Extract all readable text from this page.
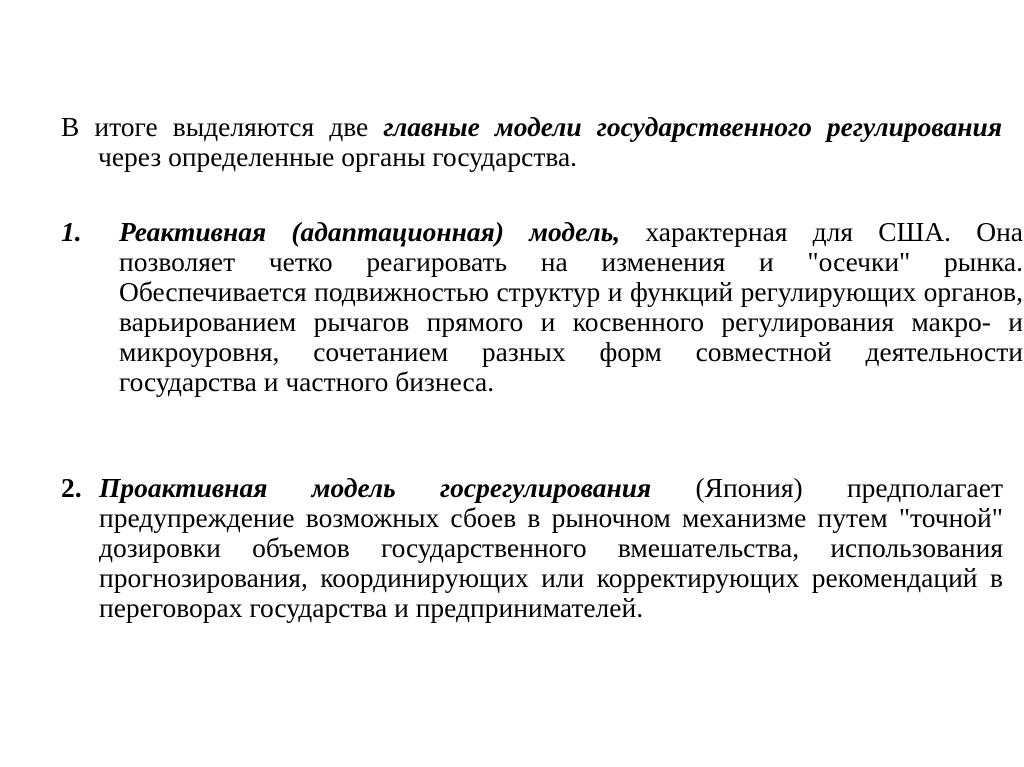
В итоге выделяются две главные модели государственного регулирования через определенные органы государства.

1. Реактивная (адаптационная) модель, характерная для США. Она позволяет четко реагировать на изменения и "осечки" рынка. Обеспечивается подвижностью структур и функций регулирующих органов, варьированием рычагов прямого и косвенного регулирования макро- и микроуровня, сочетанием разных форм совместной деятельности государства и частного бизнеса.

2. Проактивная модель госрегулирования (Япония) предполагает предупреждение возможных сбоев в рыночном механизме путем "точной" дозировки объемов государственного вмешательства, использования прогнозирования, координирующих или корректирующих рекомендаций в переговорах государства и предпринимателей.
